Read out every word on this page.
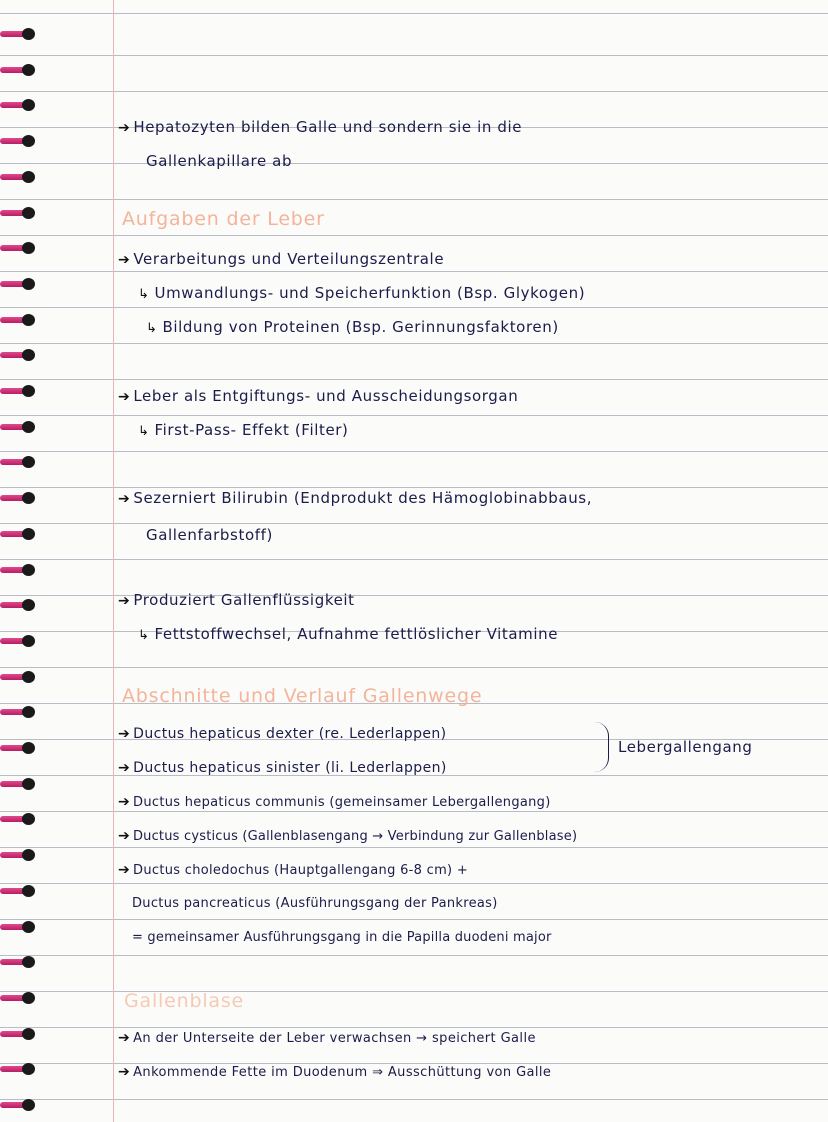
➔ Hepatozyten bilden Galle und sondern sie in die
Gallenkapillare ab
Aufgaben der Leber
➔ Verarbeitungs und Verteilungszentrale
↳ Umwandlungs- und Speicherfunktion (Bsp. Glykogen)
↳ Bildung von Proteinen (Bsp. Gerinnungsfaktoren)
➔ Leber als Entgiftungs- und Ausscheidungsorgan
↳ First-Pass- Effekt (Filter)
➔ Sezerniert Bilirubin (Endprodukt des Hämoglobinabbaus,
Gallenfarbstoff)
➔ Produziert Gallenflüssigkeit
↳ Fettstoffwechsel, Aufnahme fettlöslicher Vitamine
Abschnitte und Verlauf Gallenwege
➔ Ductus hepaticus dexter (re. Lederlappen)
➔ Ductus hepaticus sinister (li. Lederlappen)
Lebergallengang
➔ Ductus hepaticus communis (gemeinsamer Lebergallengang)
➔ Ductus cysticus (Gallenblasengang → Verbindung zur Gallenblase)
➔ Ductus choledochus (Hauptgallengang 6-8 cm) +
Ductus pancreaticus (Ausführungsgang der Pankreas)
= gemeinsamer Ausführungsgang in die Papilla duodeni major
Gallenblase
➔ An der Unterseite der Leber verwachsen → speichert Galle
➔ Ankommende Fette im Duodenum ⇒ Ausschüttung von Galle
